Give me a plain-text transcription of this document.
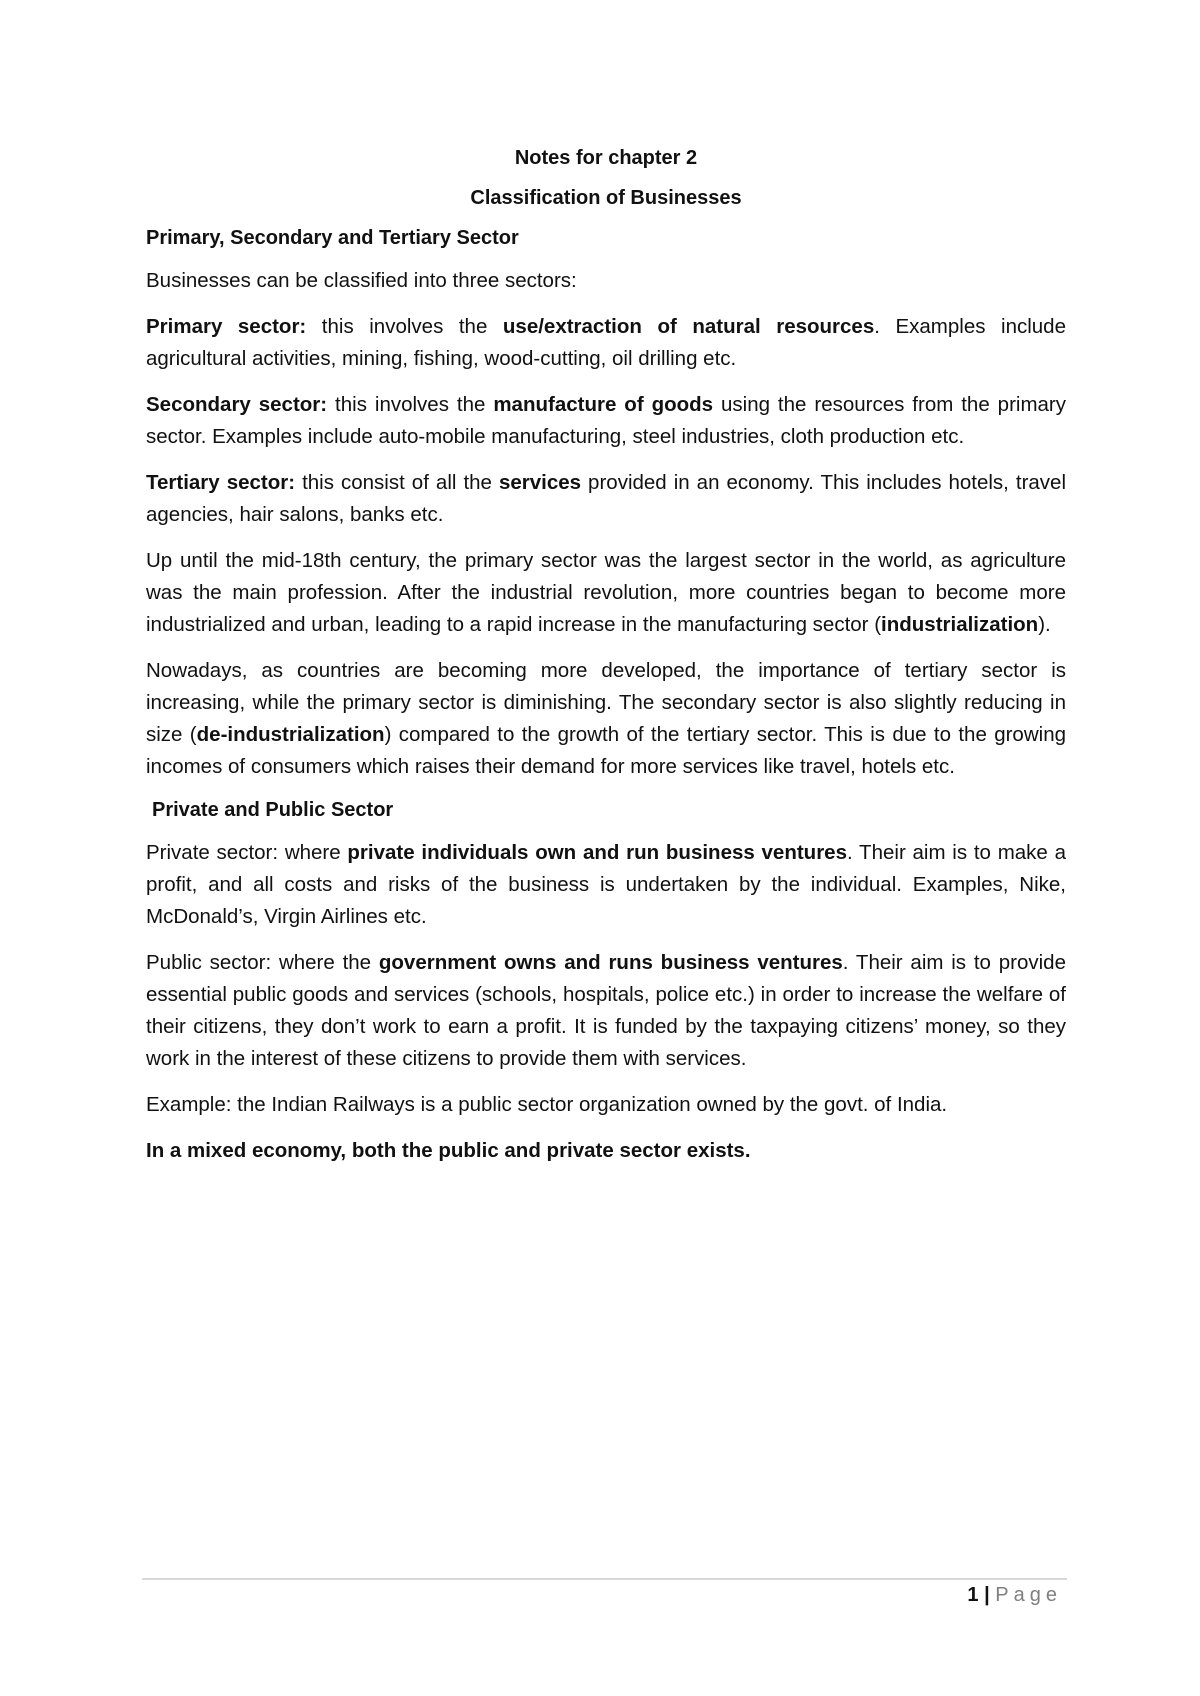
Notes for chapter 2
Classification of Businesses
Primary, Secondary and Tertiary Sector

Businesses can be classified into three sectors:

Primary sector: this involves the use/extraction of natural resources. Examples include agricultural activities, mining, fishing, wood-cutting, oil drilling etc.

Secondary sector: this involves the manufacture of goods using the resources from the primary sector. Examples include auto-mobile manufacturing, steel industries, cloth production etc.

Tertiary sector: this consist of all the services provided in an economy. This includes hotels, travel agencies, hair salons, banks etc.

Up until the mid-18th century, the primary sector was the largest sector in the world, as agriculture was the main profession. After the industrial revolution, more countries began to become more industrialized and urban, leading to a rapid increase in the manufacturing sector (industrialization).

Nowadays, as countries are becoming more developed, the importance of tertiary sector is increasing, while the primary sector is diminishing. The secondary sector is also slightly reducing in size (de-industrialization) compared to the growth of the tertiary sector. This is due to the growing incomes of consumers which raises their demand for more services like travel, hotels etc.

Private and Public Sector

Private sector: where private individuals own and run business ventures. Their aim is to make a profit, and all costs and risks of the business is undertaken by the individual. Examples, Nike, McDonald’s, Virgin Airlines etc.

Public sector: where the government owns and runs business ventures. Their aim is to provide essential public goods and services (schools, hospitals, police etc.) in order to increase the welfare of their citizens, they don’t work to earn a profit. It is funded by the taxpaying citizens’ money, so they work in the interest of these citizens to provide them with services.

Example: the Indian Railways is a public sector organization owned by the govt. of India.

In a mixed economy, both the public and private sector exists.

1 | Page
